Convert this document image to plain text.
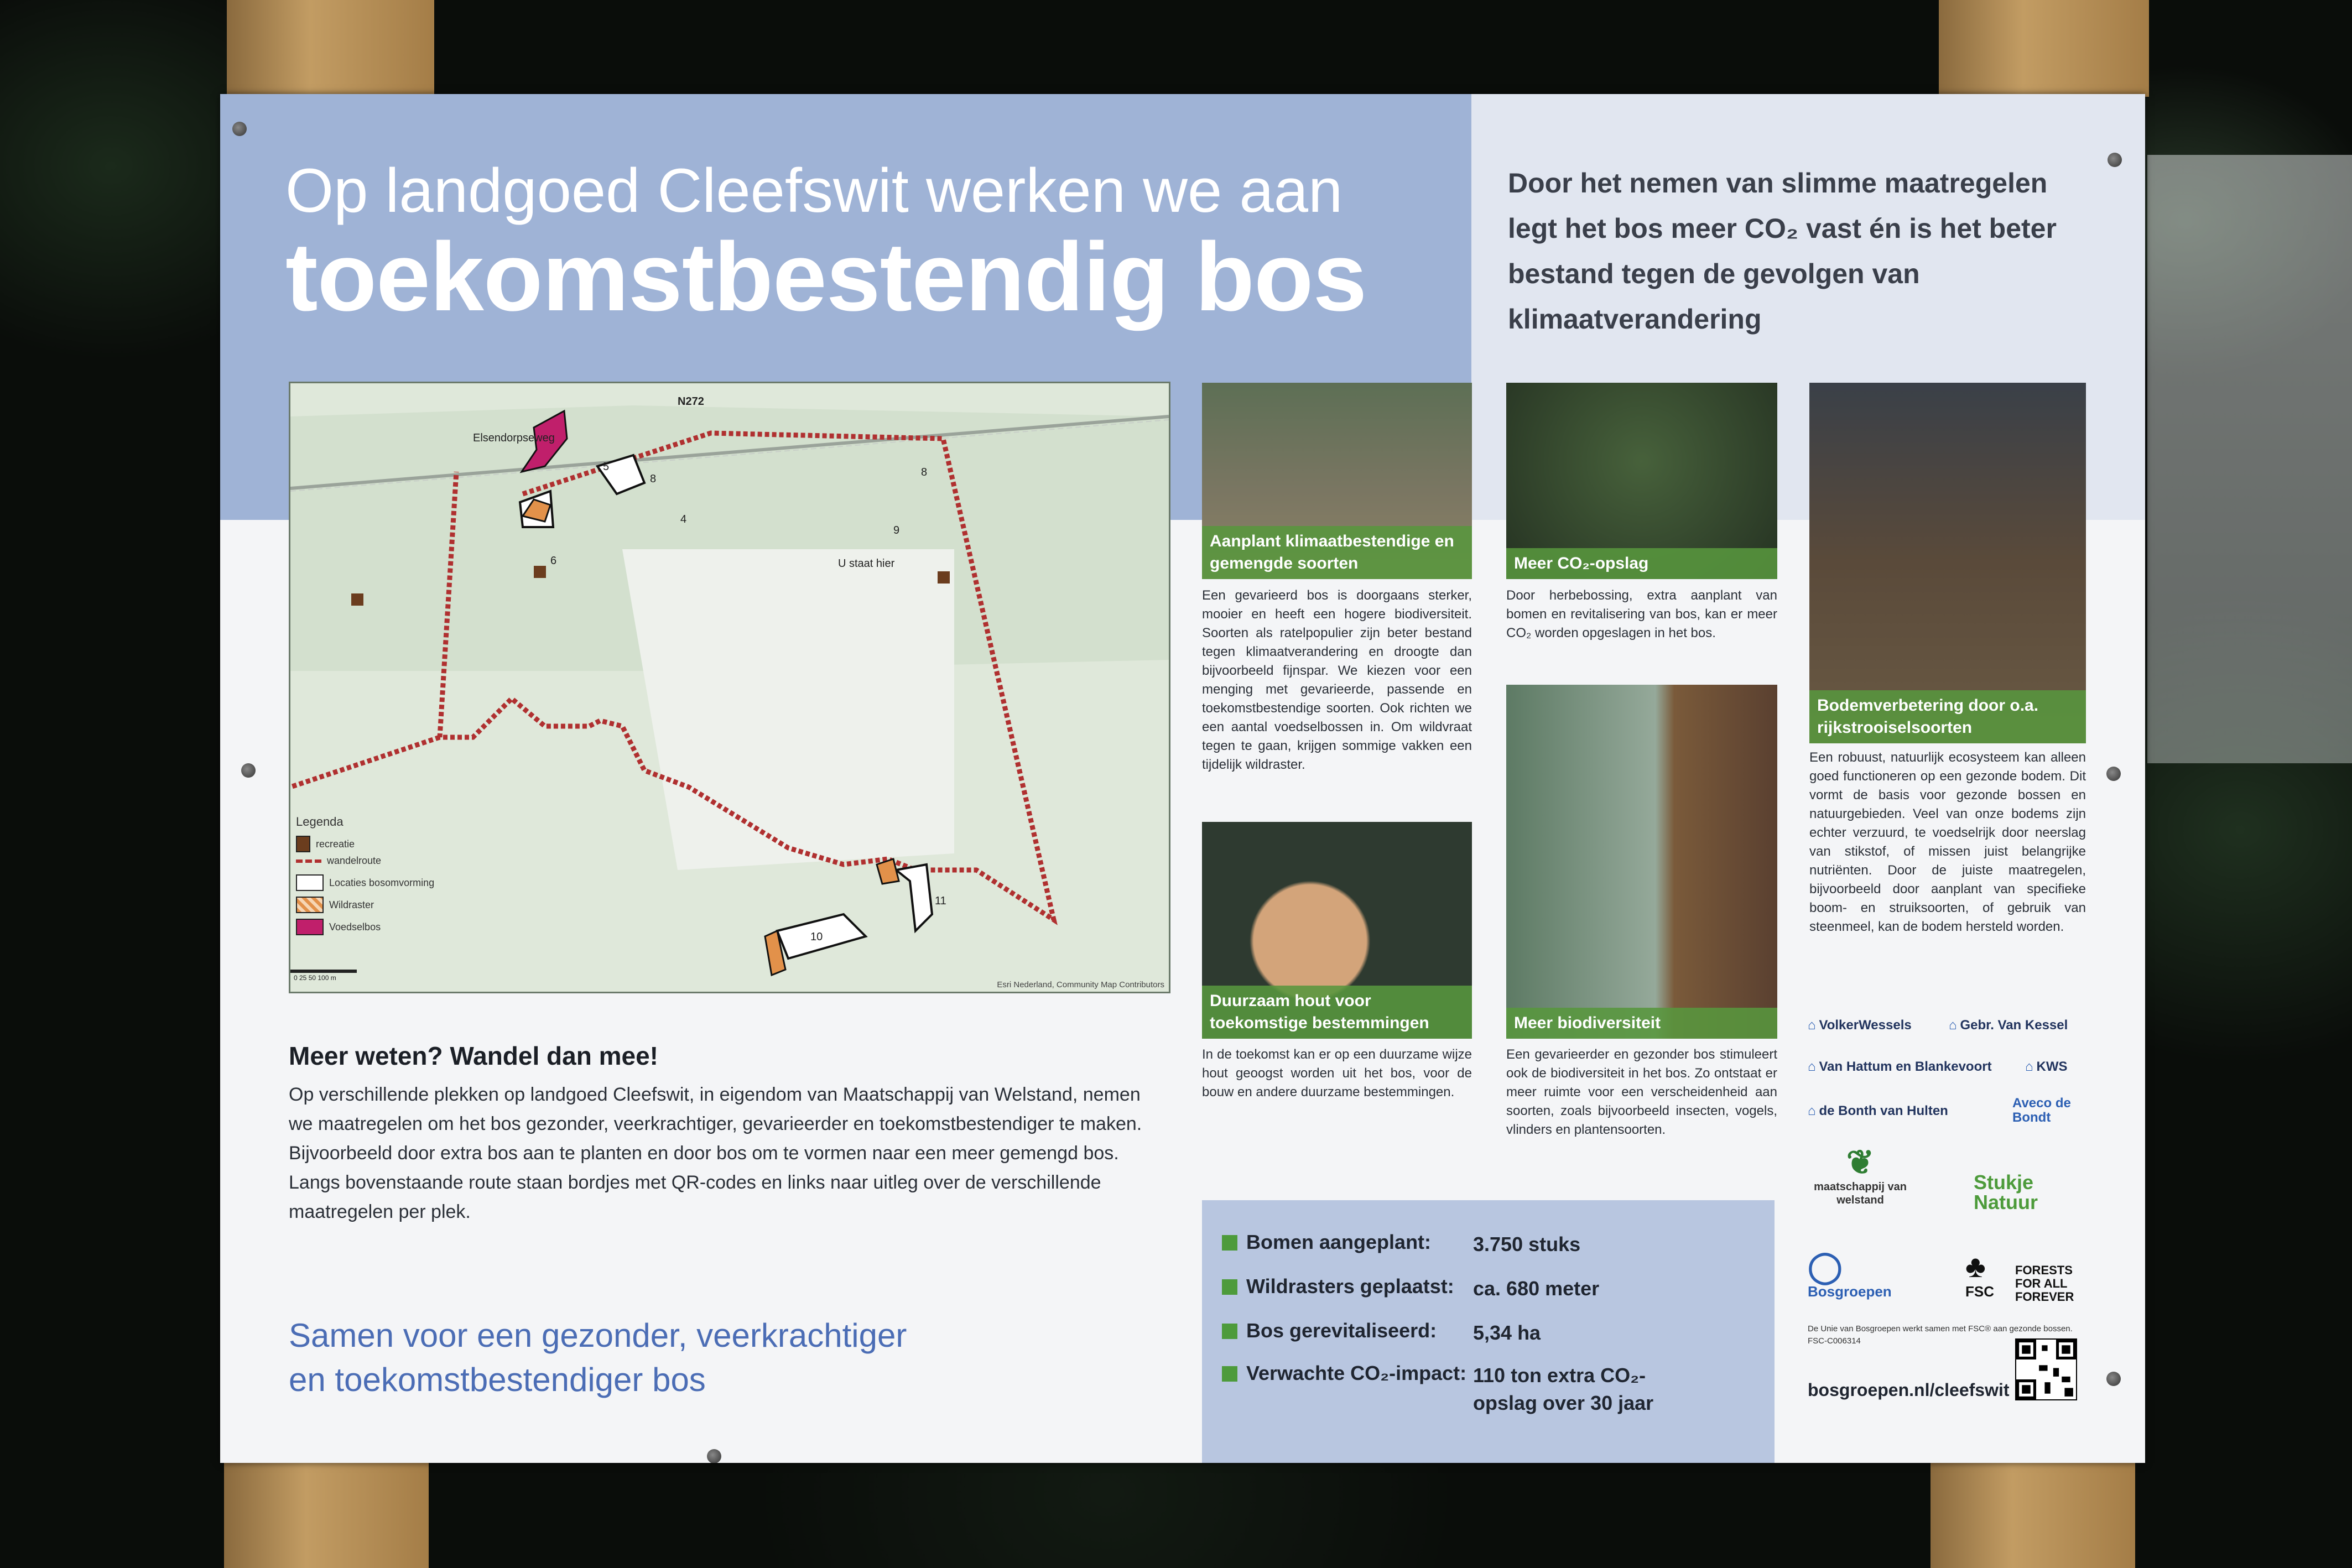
Op landgoed Cleefswit werken we aan
toekomstbestendig bos
Door het nemen van slimme maatregelen legt het bos meer CO₂ vast én is het beter bestand tegen de gevolgen van klimaatverandering
N272
Elsendorpseweg
U staat hier
8
5
4
6
8
9
11
10
Legenda
recreatie
wandelroute
Locaties bosomvorming
Wildraster
Voedselbos
0 25 50 100 m
Esri Nederland, Community Map Contributors
Meer weten? Wandel dan mee!
Op verschillende plekken op landgoed Cleefswit, in eigendom van Maatschappij van Welstand, nemen we maatregelen om het bos gezonder, veerkrachtiger, gevarieerder en toekomstbestendiger te maken. Bijvoorbeeld door extra bos aan te planten en door bos om te vormen naar een meer gemengd bos.
Langs bovenstaande route staan bordjes met QR-codes en links naar uitleg over de verschillende maatregelen per plek.
Samen voor een gezonder, veerkrachtiger en toekomstbestendiger bos
Aanplant klimaatbestendige en gemengde soorten
Een gevarieerd bos is doorgaans sterker, mooier en heeft een hogere biodiversiteit. Soorten als ratelpopulier zijn beter bestand tegen klimaatverandering en droogte dan bijvoorbeeld fijnspar. We kiezen voor een menging met gevarieerde, passende en toekomstbestendige soorten. Ook richten we een aantal voedselbossen in. Om wildvraat tegen te gaan, krijgen sommige vakken een tijdelijk wildraster.
Meer CO₂-opslag
Door herbebossing, extra aanplant van bomen en revitalisering van bos, kan er meer CO₂ worden opgeslagen in het bos.
Bodemverbetering door o.a. rijkstrooiselsoorten
Een robuust, natuurlijk ecosysteem kan alleen goed functioneren op een gezonde bodem. Dit vormt de basis voor gezonde bossen en natuurgebieden. Veel van onze bodems zijn echter verzuurd, te voedselrijk door neerslag van stikstof, of missen juist belangrijke nutriënten. Door de juiste maatregelen, bijvoorbeeld door aanplant van specifieke boom- en struiksoorten, of gebruik van steenmeel, kan de bodem hersteld worden.
Duurzaam hout voor toekomstige bestemmingen
In de toekomst kan er op een duurzame wijze hout geoogst worden uit het bos, voor de bouw en andere duurzame bestemmingen.
Meer biodiversiteit
Een gevarieerder en gezonder bos stimuleert ook de biodiversiteit in het bos. Zo ontstaat er meer ruimte voor een verscheidenheid aan soorten, zoals bijvoorbeeld insecten, vogels, vlinders en plantensoorten.
Bomen aangeplant:	3.750 stuks
Wildrasters geplaatst: ca. 680 meter
Bos gerevitaliseerd:	5,34 ha
Verwachte CO₂-impact: 110 ton extra CO₂-opslag over 30 jaar
⌂ VolkerWessels	⌂ Gebr. Van Kessel
⌂ Van Hattum en Blankevoort	⌂ KWS
⌂ de Bonth van Hulten
Aveco de Bondt
❦
maatschappij van welstand
Stukje Natuur
◯
Bosgroepen
♣
FSC
FORESTS FOR ALL FOREVER
De Unie van Bosgroepen werkt samen met FSC® aan gezonde bossen. FSC-C006314
bosgroepen.nl/cleefswit
